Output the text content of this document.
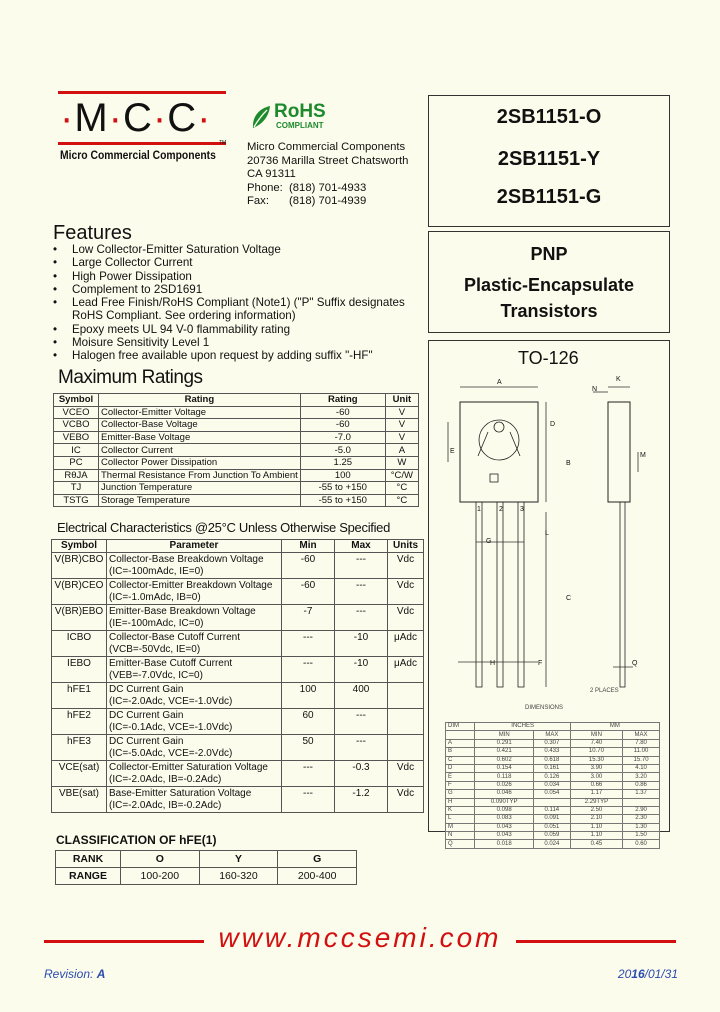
·M·C·C·
Micro Commercial Components
TM
RoHS
COMPLIANT
Micro Commercial Components
20736 Marilla Street Chatsworth
CA 91311
Phone: (818) 701-4933
Fax: (818) 701-4939
2SB1151-O
2SB1151-Y
2SB1151-G
PNP
Plastic-Encapsulate
Transistors
Features
• Low Collector-Emitter Saturation Voltage
• Large Collector Current
• High Power Dissipation
• Complement to 2SD1691
• Lead Free Finish/RoHS Compliant (Note1) ("P" Suffix designates
RoHS Compliant. See ordering information)
• Epoxy meets UL 94 V-0 flammability rating
• Moisure Sensitivity Level 1
• Halogen free available upon request by adding suffix "-HF"
Maximum Ratings
Symbol	Rating	Rating	Unit
VCEO	Collector-Emitter Voltage	-60	V
VCBO	Collector-Base Voltage	-60	V
VEBO	Emitter-Base Voltage	-7.0	V
IC	Collector Current	-5.0	A
PC	Collector Power Dissipation	1.25	W
RθJA	Thermal Resistance From Junction To Ambient	100	°C/W
TJ	Junction Temperature	-55 to +150	°C
TSTG	Storage Temperature	-55 to +150	°C
Electrical Characteristics @25°C Unless Otherwise Specified
Symbol	Parameter	Min	Max	Units
V(BR)CBO	Collector-Base Breakdown Voltage
(IC=-100mAdc, IE=0)	-60	---	Vdc
V(BR)CEO	Collector-Emitter Breakdown Voltage
(IC=-1.0mAdc, IB=0)	-60	---	Vdc
V(BR)EBO	Emitter-Base Breakdown Voltage
(IE=-100mAdc, IC=0)	-7	---	Vdc
ICBO	Collector-Base Cutoff Current
(VCB=-50Vdc, IE=0)	---	-10	μAdc
IEBO	Emitter-Base Cutoff Current
(VEB=-7.0Vdc, IC=0)	---	-10	μAdc
hFE1	DC Current Gain
(IC=-2.0Adc, VCE=-1.0Vdc)	100	400	
hFE2	DC Current Gain
(IC=-0.1Adc, VCE=-1.0Vdc)	60	---	
hFE3	DC Current Gain
(IC=-5.0Adc, VCE=-2.0Vdc)	50	---	
VCE(sat)	Collector-Emitter Saturation Voltage
(IC=-2.0Adc, IB=-0.2Adc)	---	-0.3	Vdc
VBE(sat)	Base-Emitter Saturation Voltage
(IC=-2.0Adc, IB=-0.2Adc)	---	-1.2	Vdc
CLASSIFICATION OF hFE(1)
RANK	O	Y	G
RANGE	100-200	160-320	200-400
TO-126
A
B
C
D
E
F
G
H
K
L
M
N
Q
1	2 3
2 PLACES
DIMENSIONS
DIM	INCHES		MM	
	MIN	MAX	MIN	MAX
A	0.291	0.307	7.40	7.80
B	0.421	0.433	10.70	11.00
C	0.602	0.618	15.30	15.70
D	0.154	0.161	3.90	4.10
E	0.118	0.126	3.00	3.20
F	0.026	0.034	0.66	0.86
G	0.046	0.054	1.17	1.37
H	0.090TYP		2.29TYP	
K	0.098	0.114	2.50	2.90
L	0.083	0.091	2.10	2.30
M	0.043	0.051	1.10	1.30
N	0.043	0.059	1.10	1.50
Q	0.018	0.024	0.45	0.60
www.mccsemi.com
Revision: A	2016/01/31
